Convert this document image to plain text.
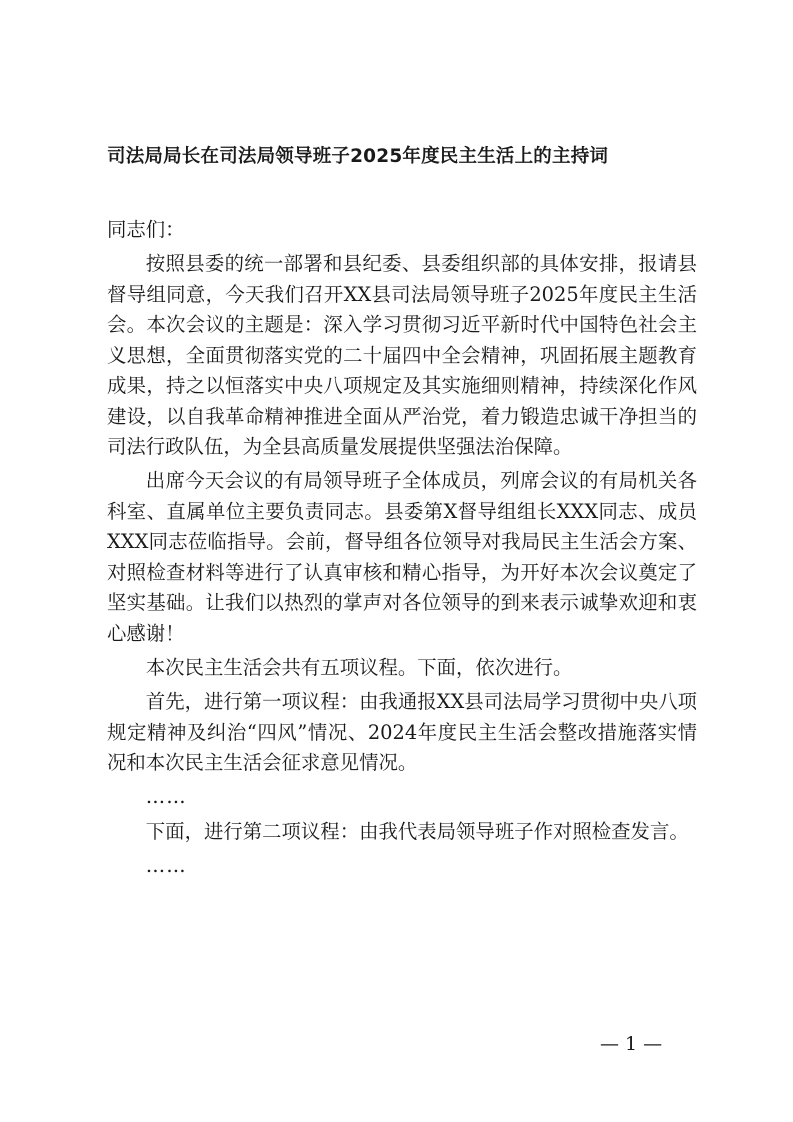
司法局局长在司法局领导班子2025年度民主生活上的主持词

同志们：

按照县委的统一部署和县纪委、县委组织部的具体安排，报请县督导组同意，今天我们召开XX县司法局领导班子2025年度民主生活会。本次会议的主题是：深入学习贯彻习近平新时代中国特色社会主义思想，全面贯彻落实党的二十届四中全会精神，巩固拓展主题教育成果，持之以恒落实中央八项规定及其实施细则精神，持续深化作风建设，以自我革命精神推进全面从严治党，着力锻造忠诚干净担当的司法行政队伍，为全县高质量发展提供坚强法治保障。

出席今天会议的有局领导班子全体成员，列席会议的有局机关各科室、直属单位主要负责同志。县委第X督导组组长XXX同志、成员XXX同志莅临指导。会前，督导组各位领导对我局民主生活会方案、对照检查材料等进行了认真审核和精心指导，为开好本次会议奠定了坚实基础。让我们以热烈的掌声对各位领导的到来表示诚挚欢迎和衷心感谢！

本次民主生活会共有五项议程。下面，依次进行。

首先，进行第一项议程：由我通报XX县司法局学习贯彻中央八项规定精神及纠治“四风”情况、2024年度民主生活会整改措施落实情况和本次民主生活会征求意见情况。

……

下面，进行第二项议程：由我代表局领导班子作对照检查发言。

……

— 1 —
